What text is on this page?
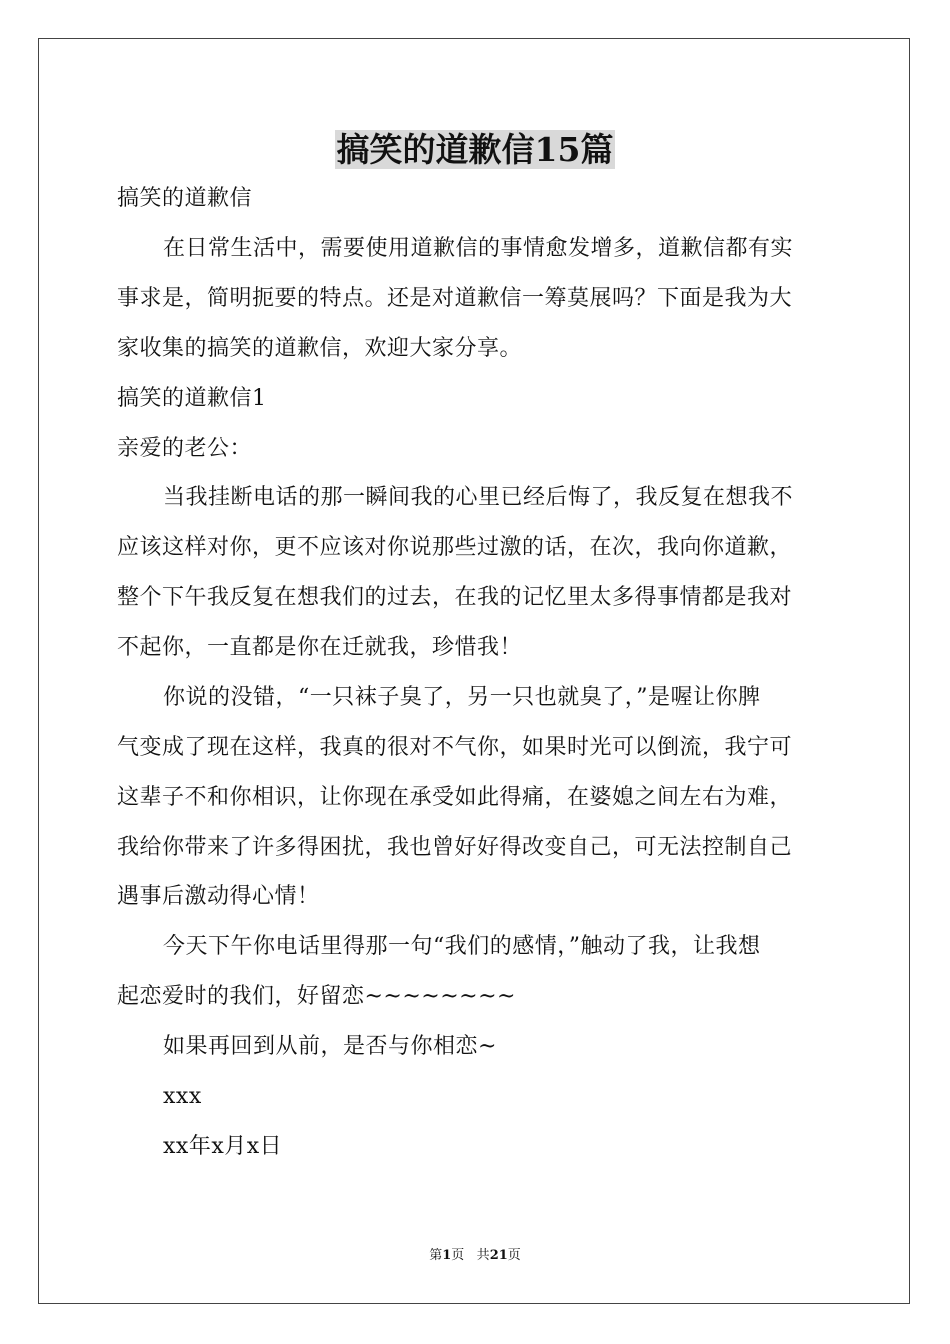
搞笑的道歉信15篇
搞笑的道歉信
在日常生活中，需要使用道歉信的事情愈发增多，道歉信都有实
事求是，简明扼要的特点。还是对道歉信一筹莫展吗？下面是我为大
家收集的搞笑的道歉信，欢迎大家分享。
搞笑的道歉信1
亲爱的老公：
当我挂断电话的那一瞬间我的心里已经后悔了，我反复在想我不
应该这样对你，更不应该对你说那些过激的话，在次，我向你道歉，
整个下午我反复在想我们的过去，在我的记忆里太多得事情都是我对
不起你，一直都是你在迁就我，珍惜我！
你说的没错，“一只袜子臭了，另一只也就臭了，”是喔让你脾
气变成了现在这样，我真的很对不气你，如果时光可以倒流，我宁可
这辈子不和你相识，让你现在承受如此得痛，在婆媳之间左右为难，
我给你带来了许多得困扰，我也曾好好得改变自己，可无法控制自己
遇事后激动得心情！
今天下午你电话里得那一句“我们的感情，”触动了我，让我想
起恋爱时的我们，好留恋~~~~~~~~
如果再回到从前，是否与你相恋~
xxx
xx年x月x日
第1页 共21页
